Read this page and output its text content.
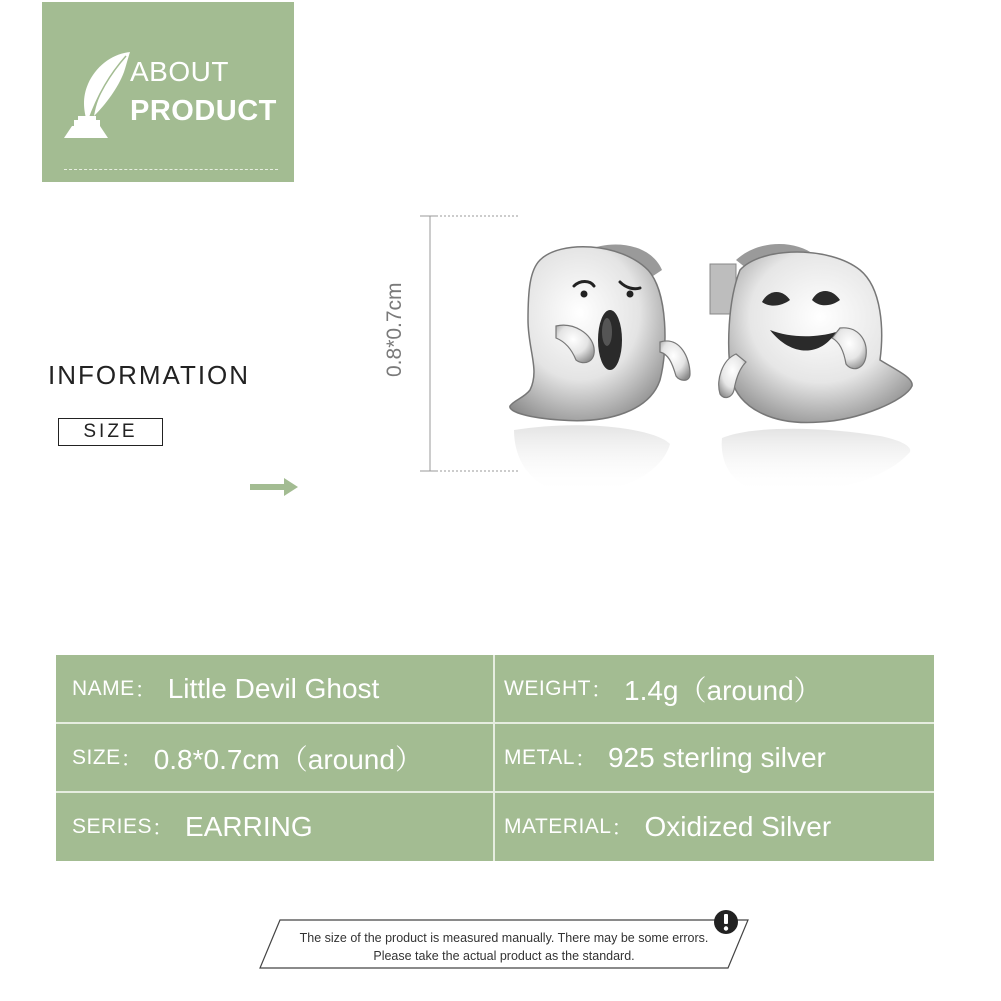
ABOUT
PRODUCT
INFORMATION
SIZE
0.8*0.7cm
NAME ： Little Devil Ghost	WEIGHT ： 1.4g（around）
SIZE ： 0.8*0.7cm（around）	METAL ： 925 sterling silver
SERIES ： EARRING	MATERIAL ： Oxidized Silver
The size of the product is measured manually. There may be some errors.
Please take the actual product as the standard.
